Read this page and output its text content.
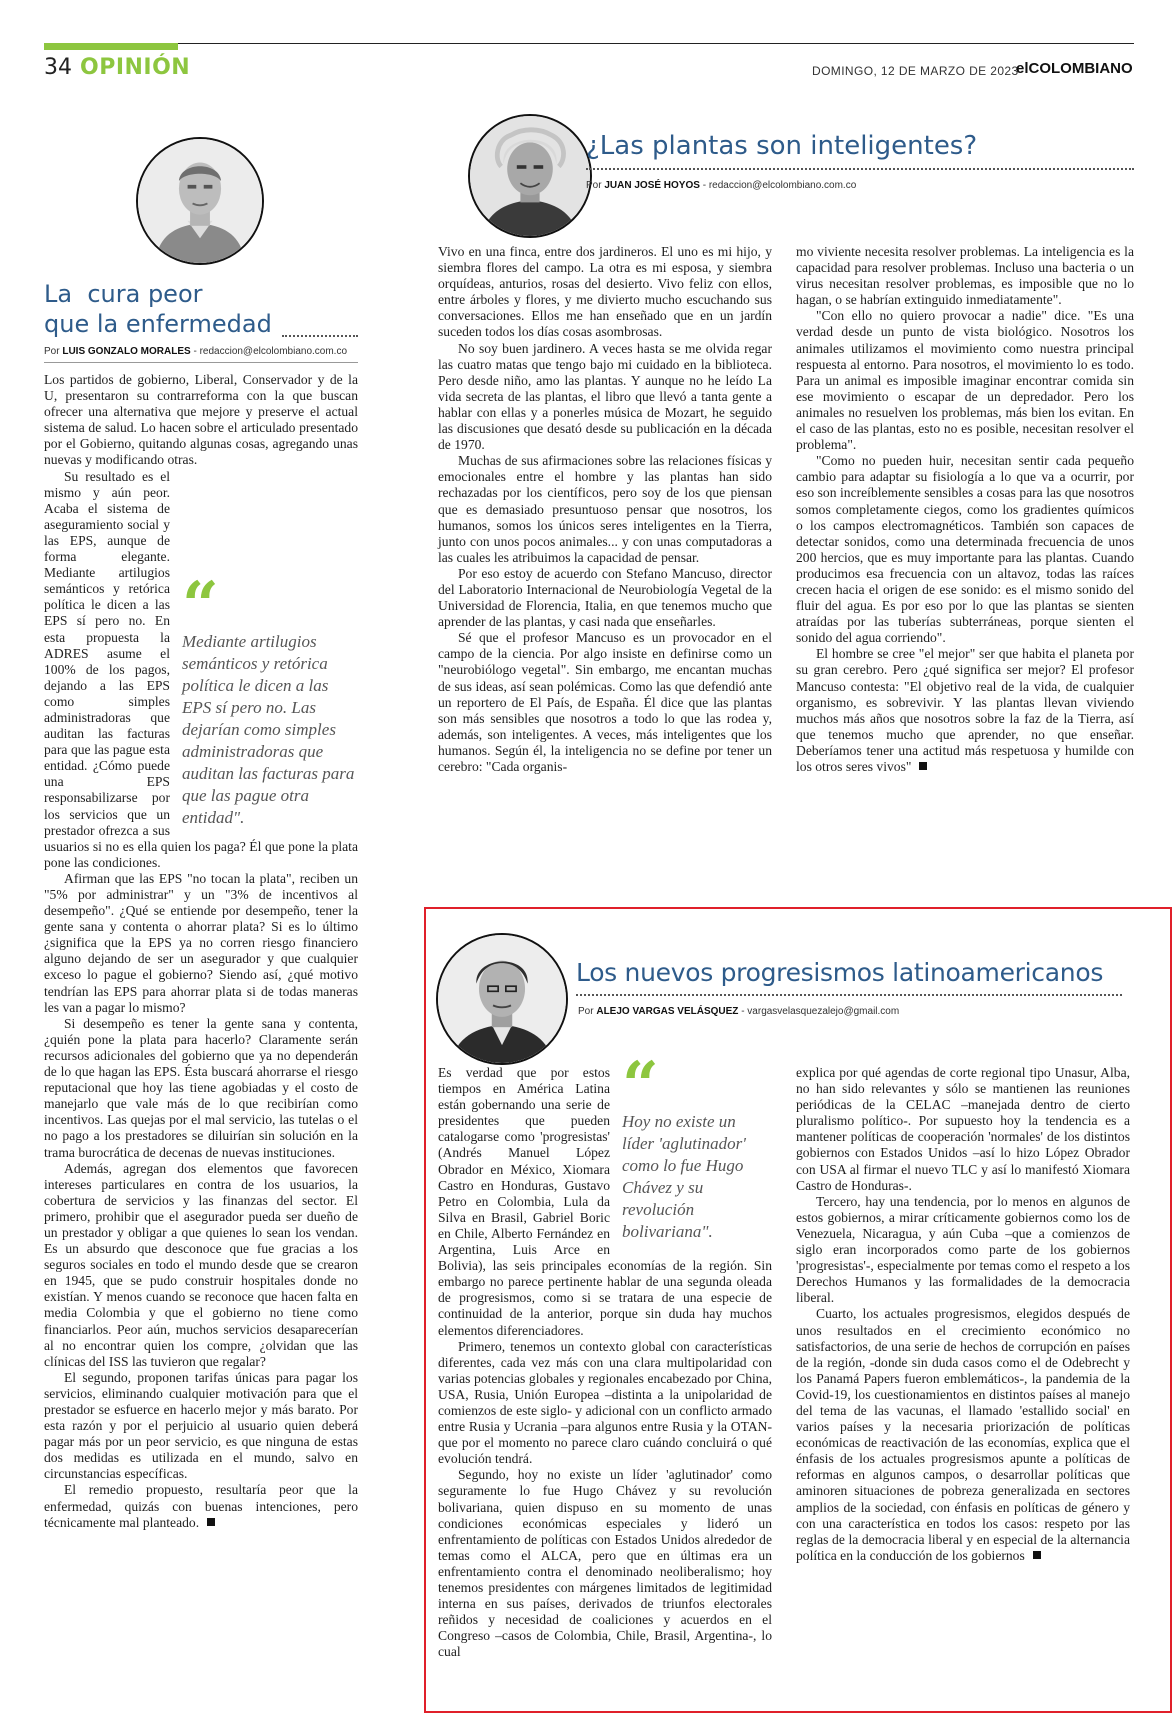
34 OPINIÓN	DOMINGO, 12 DE MARZO DE 2023
elCOLOMBIANO
La  cura peor
que la enfermedad
Por LUIS GONZALO MORALES - redaccion@elcolombiano.com.co

Los partidos de gobierno, Liberal, Conservador y de la U, presentaron su contrarreforma con la que buscan ofrecer una alternativa que mejore y preserve el actual sistema de salud. Lo hacen sobre el articulado presentado por el Gobierno, quitando algunas cosas, agregando unas nuevas y modificando otras.

“
Mediante artilugios semánticos y retórica política le dicen a las EPS sí pero no. Las dejarían como simples administradoras que auditan las facturas para que las pague otra entidad".

Su resultado es el mismo y aún peor. Acaba el sistema de aseguramiento social y las EPS, aunque de forma elegante. Mediante artilugios semánticos y retórica política le dicen a las EPS sí pero no. En esta propuesta la ADRES asume el 100% de los pagos, dejando a las EPS como simples administradoras que auditan las facturas para que las pague esta entidad. ¿Cómo puede una EPS responsabilizarse por los servicios que un prestador ofrezca a sus usuarios si no es ella quien los paga? Él que pone la plata pone las condiciones.

Afirman que las EPS "no tocan la plata", reciben un "5% por administrar" y un "3% de incentivos al desempeño". ¿Qué se entiende por desempeño, tener la gente sana y contenta o ahorrar plata? Si es lo último ¿significa que la EPS ya no corren riesgo financiero alguno dejando de ser un asegurador y que cualquier exceso lo pague el gobierno? Siendo así, ¿qué motivo tendrían las EPS para ahorrar plata si de todas maneras les van a pagar lo mismo?

Si desempeño es tener la gente sana y contenta, ¿quién pone la plata para hacerlo? Claramente serán recursos adicionales del gobierno que ya no dependerán de lo que hagan las EPS. Ésta buscará ahorrarse el riesgo reputacional que hoy las tiene agobiadas y el costo de manejarlo que vale más de lo que recibirían como incentivos. Las quejas por el mal servicio, las tutelas o el no pago a los prestadores se diluirían sin solución en la trama burocrática de decenas de nuevas instituciones.

Además, agregan dos elementos que favorecen intereses particulares en contra de los usuarios, la cobertura de servicios y las finanzas del sector. El primero, prohibir que el asegurador pueda ser dueño de un prestador y obligar a que quienes lo sean los vendan. Es un absurdo que desconoce que fue gracias a los seguros sociales en todo el mundo desde que se crearon en 1945, que se pudo construir hospitales donde no existían. Y menos cuando se reconoce que hacen falta en media Colombia y que el gobierno no tiene como financiarlos. Peor aún, muchos servicios desaparecerían al no encontrar quien los compre, ¿olvidan que las clínicas del ISS las tuvieron que regalar?

El segundo, proponen tarifas únicas para pagar los servicios, eliminando cualquier motivación para que el prestador se esfuerce en hacerlo mejor y más barato. Por esta razón y por el perjuicio al usuario quien deberá pagar más por un peor servicio, es que ninguna de estas dos medidas es utilizada en el mundo, salvo en circunstancias específicas.

El remedio propuesto, resultaría peor que la enfermedad, quizás con buenas intenciones, pero técnicamente mal planteado.

¿Las plantas son inteligentes?
Por JUAN JOSÉ HOYOS - redaccion@elcolombiano.com.co

Vivo en una finca, entre dos jardineros. El uno es mi hijo, y siembra flores del campo. La otra es mi esposa, y siembra orquídeas, anturios, rosas del desierto. Vivo feliz con ellos, entre árboles y flores, y me divierto mucho escuchando sus conversaciones. Ellos me han enseñado que en un jardín suceden todos los días cosas asombrosas.

No soy buen jardinero. A veces hasta se me olvida regar las cuatro matas que tengo bajo mi cuidado en la biblioteca. Pero desde niño, amo las plantas. Y aunque no he leído La vida secreta de las plantas, el libro que llevó a tanta gente a hablar con ellas y a ponerles música de Mozart, he seguido las discusiones que desató desde su publicación en la década de 1970.

Muchas de sus afirmaciones sobre las relaciones físicas y emocionales entre el hombre y las plantas han sido rechazadas por los científicos, pero soy de los que piensan que es demasiado presuntuoso pensar que nosotros, los humanos, somos los únicos seres inteligentes en la Tierra, junto con unos pocos animales... y con unas computadoras a las cuales les atribuimos la capacidad de pensar.

Por eso estoy de acuerdo con Stefano Mancuso, director del Laboratorio Internacional de Neurobiología Vegetal de la Universidad de Florencia, Italia, en que tenemos mucho que aprender de las plantas, y casi nada que enseñarles.

Sé que el profesor Mancuso es un provocador en el campo de la ciencia. Por algo insiste en definirse como un "neurobiólogo vegetal". Sin embargo, me encantan muchas de sus ideas, así sean polémicas. Como las que defendió ante un reportero de El País, de España. Él dice que las plantas son más sensibles que nosotros a todo lo que las rodea y, además, son inteligentes. A veces, más inteligentes que los humanos. Según él, la inteligencia no se define por tener un cerebro: "Cada organis-

mo viviente necesita resolver problemas. La inteligencia es la capacidad para resolver problemas. Incluso una bacteria o un virus necesitan resolver problemas, es imposible que no lo hagan, o se habrían extinguido inmediatamente".

"Con ello no quiero provocar a nadie" dice. "Es una verdad desde un punto de vista biológico. Nosotros los animales utilizamos el movimiento como nuestra principal respuesta al entorno. Para nosotros, el movimiento lo es todo. Para un animal es imposible imaginar encontrar comida sin ese movimiento o escapar de un depredador. Pero los animales no resuelven los problemas, más bien los evitan. En el caso de las plantas, esto no es posible, necesitan resolver el problema".

"Como no pueden huir, necesitan sentir cada pequeño cambio para adaptar su fisiología a lo que va a ocurrir, por eso son increíblemente sensibles a cosas para las que nosotros somos completamente ciegos, como los gradientes químicos o los campos electromagnéticos. También son capaces de detectar sonidos, como una determinada frecuencia de unos 200 hercios, que es muy importante para las plantas. Cuando producimos esa frecuencia con un altavoz, todas las raíces crecen hacia el origen de ese sonido: es el mismo sonido del fluir del agua. Es por eso por lo que las plantas se sienten atraídas por las tuberías subterráneas, porque sienten el sonido del agua corriendo".

El hombre se cree "el mejor" ser que habita el planeta por su gran cerebro. Pero ¿qué significa ser mejor? El profesor Mancuso contesta: "El objetivo real de la vida, de cualquier organismo, es sobrevivir. Y las plantas llevan viviendo muchos más años que nosotros sobre la faz de la Tierra, así que tenemos mucho que aprender, no que enseñar. Deberíamos tener una actitud más respetuosa y humilde con los otros seres vivos"

Los nuevos progresismos latinoamericanos
Por ALEJO VARGAS VELÁSQUEZ - vargasvelasquezalejo@gmail.com
“
Hoy no existe un líder 'aglutinador' como lo fue Hugo Chávez y su revolución bolivariana".

Es verdad que por estos tiempos en América Latina están gobernando una serie de presidentes que pueden catalogarse como 'progresistas' (Andrés Manuel López Obrador en México, Xiomara Castro en Honduras, Gustavo Petro en Colombia, Lula da Silva en Brasil, Gabriel Boric en Chile, Alberto Fernández en Argentina, Luis Arce en Bolivia), las seis principales economías de la región. Sin embargo no parece pertinente hablar de una segunda oleada de progresismos, como si se tratara de una especie de continuidad de la anterior, porque sin duda hay muchos elementos diferenciadores.

Primero, tenemos un contexto global con características diferentes, cada vez más con una clara multipolaridad con varias potencias globales y regionales encabezado por China, USA, Rusia, Unión Europea –distinta a la unipolaridad de comienzos de este siglo- y adicional con un conflicto armado entre Rusia y Ucrania –para algunos entre Rusia y la OTAN- que por el momento no parece claro cuándo concluirá o qué evolución tendrá.

Segundo, hoy no existe un líder 'aglutinador' como seguramente lo fue Hugo Chávez y su revolución bolivariana, quien dispuso en su momento de unas condiciones económicas especiales y lideró un enfrentamiento de políticas con Estados Unidos alrededor de temas como el ALCA, pero que en últimas era un enfrentamiento contra el denominado neoliberalismo; hoy tenemos presidentes con márgenes limitados de legitimidad interna en sus países, derivados de triunfos electorales reñidos y necesidad de coaliciones y acuerdos en el Congreso –casos de Colombia, Chile, Brasil, Argentina-, lo cual

explica por qué agendas de corte regional tipo Unasur, Alba, no han sido relevantes y sólo se mantienen las reuniones periódicas de la CELAC –manejada dentro de cierto pluralismo político-. Por supuesto hoy la tendencia es a mantener políticas de cooperación 'normales' de los distintos gobiernos con Estados Unidos –así lo hizo López Obrador con USA al firmar el nuevo TLC y así lo manifestó Xiomara Castro de Honduras-.

Tercero, hay una tendencia, por lo menos en algunos de estos gobiernos, a mirar críticamente gobiernos como los de Venezuela, Nicaragua, y aún Cuba –que a comienzos de siglo eran incorporados como parte de los gobiernos 'progresistas'-, especialmente por temas como el respeto a los Derechos Humanos y las formalidades de la democracia liberal.

Cuarto, los actuales progresismos, elegidos después de unos resultados en el crecimiento económico no satisfactorios, de una serie de hechos de corrupción en países de la región, -donde sin duda casos como el de Odebrecht y los Panamá Papers fueron emblemáticos-, la pandemia de la Covid-19, los cuestionamientos en distintos países al manejo del tema de las vacunas, el llamado 'estallido social' en varios países y la necesaria priorización de políticas económicas de reactivación de las economías, explica que el énfasis de los actuales progresismos apunte a políticas de reformas en algunos campos, o desarrollar políticas que aminoren situaciones de pobreza generalizada en sectores amplios de la sociedad, con énfasis en políticas de género y con una característica en todos los casos: respeto por las reglas de la democracia liberal y en especial de la alternancia política en la conducción de los gobiernos
